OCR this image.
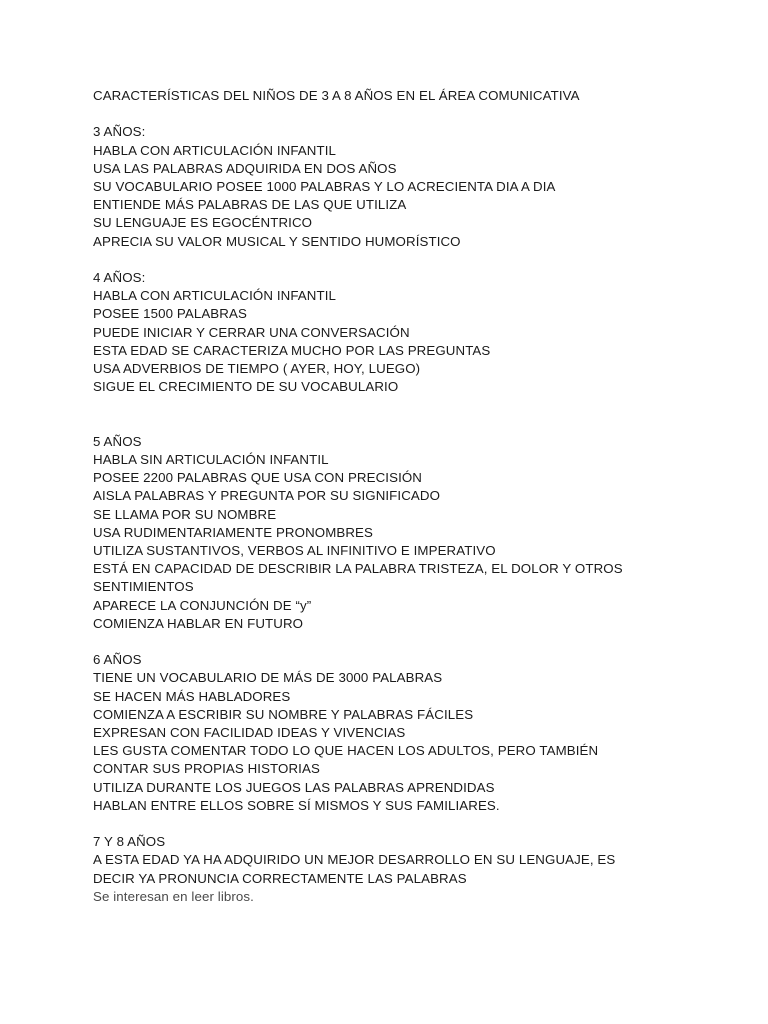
CARACTERÍSTICAS DEL NIÑOS DE 3 A 8 AÑOS EN EL ÁREA COMUNICATIVA

3 AÑOS:

HABLA CON ARTICULACIÓN INFANTIL

USA LAS PALABRAS ADQUIRIDA EN DOS AÑOS

SU VOCABULARIO POSEE 1000 PALABRAS Y LO ACRECIENTA DIA A DIA

ENTIENDE MÁS PALABRAS DE LAS QUE UTILIZA

SU LENGUAJE ES EGOCÉNTRICO

APRECIA SU VALOR MUSICAL Y SENTIDO HUMORÍSTICO

4 AÑOS:

HABLA CON ARTICULACIÓN INFANTIL

POSEE 1500 PALABRAS

PUEDE INICIAR Y CERRAR UNA CONVERSACIÓN

ESTA EDAD SE CARACTERIZA MUCHO POR LAS PREGUNTAS

USA ADVERBIOS DE TIEMPO ( AYER, HOY, LUEGO)

SIGUE EL CRECIMIENTO DE SU VOCABULARIO

5 AÑOS

HABLA SIN ARTICULACIÓN INFANTIL

POSEE 2200 PALABRAS QUE USA CON PRECISIÓN

AISLA PALABRAS Y PREGUNTA POR SU SIGNIFICADO

SE LLAMA POR SU NOMBRE

USA RUDIMENTARIAMENTE PRONOMBRES

UTILIZA SUSTANTIVOS, VERBOS AL INFINITIVO E IMPERATIVO

ESTÁ EN CAPACIDAD DE DESCRIBIR LA PALABRA TRISTEZA, EL DOLOR Y OTROS

SENTIMIENTOS

APARECE LA CONJUNCIÓN DE “y”

COMIENZA HABLAR EN FUTURO

6 AÑOS

TIENE UN VOCABULARIO DE MÁS DE 3000 PALABRAS

SE HACEN MÁS HABLADORES

COMIENZA A ESCRIBIR SU NOMBRE Y PALABRAS FÁCILES

EXPRESAN CON FACILIDAD IDEAS Y VIVENCIAS

LES GUSTA COMENTAR TODO LO QUE HACEN LOS ADULTOS, PERO TAMBIÉN

CONTAR SUS PROPIAS HISTORIAS

UTILIZA DURANTE LOS JUEGOS LAS PALABRAS APRENDIDAS

HABLAN ENTRE ELLOS SOBRE SÍ MISMOS Y SUS FAMILIARES.

7 Y 8 AÑOS

A ESTA EDAD YA HA ADQUIRIDO UN MEJOR DESARROLLO EN SU LENGUAJE, ES

DECIR YA PRONUNCIA CORRECTAMENTE LAS PALABRAS

Se interesan en leer libros.
